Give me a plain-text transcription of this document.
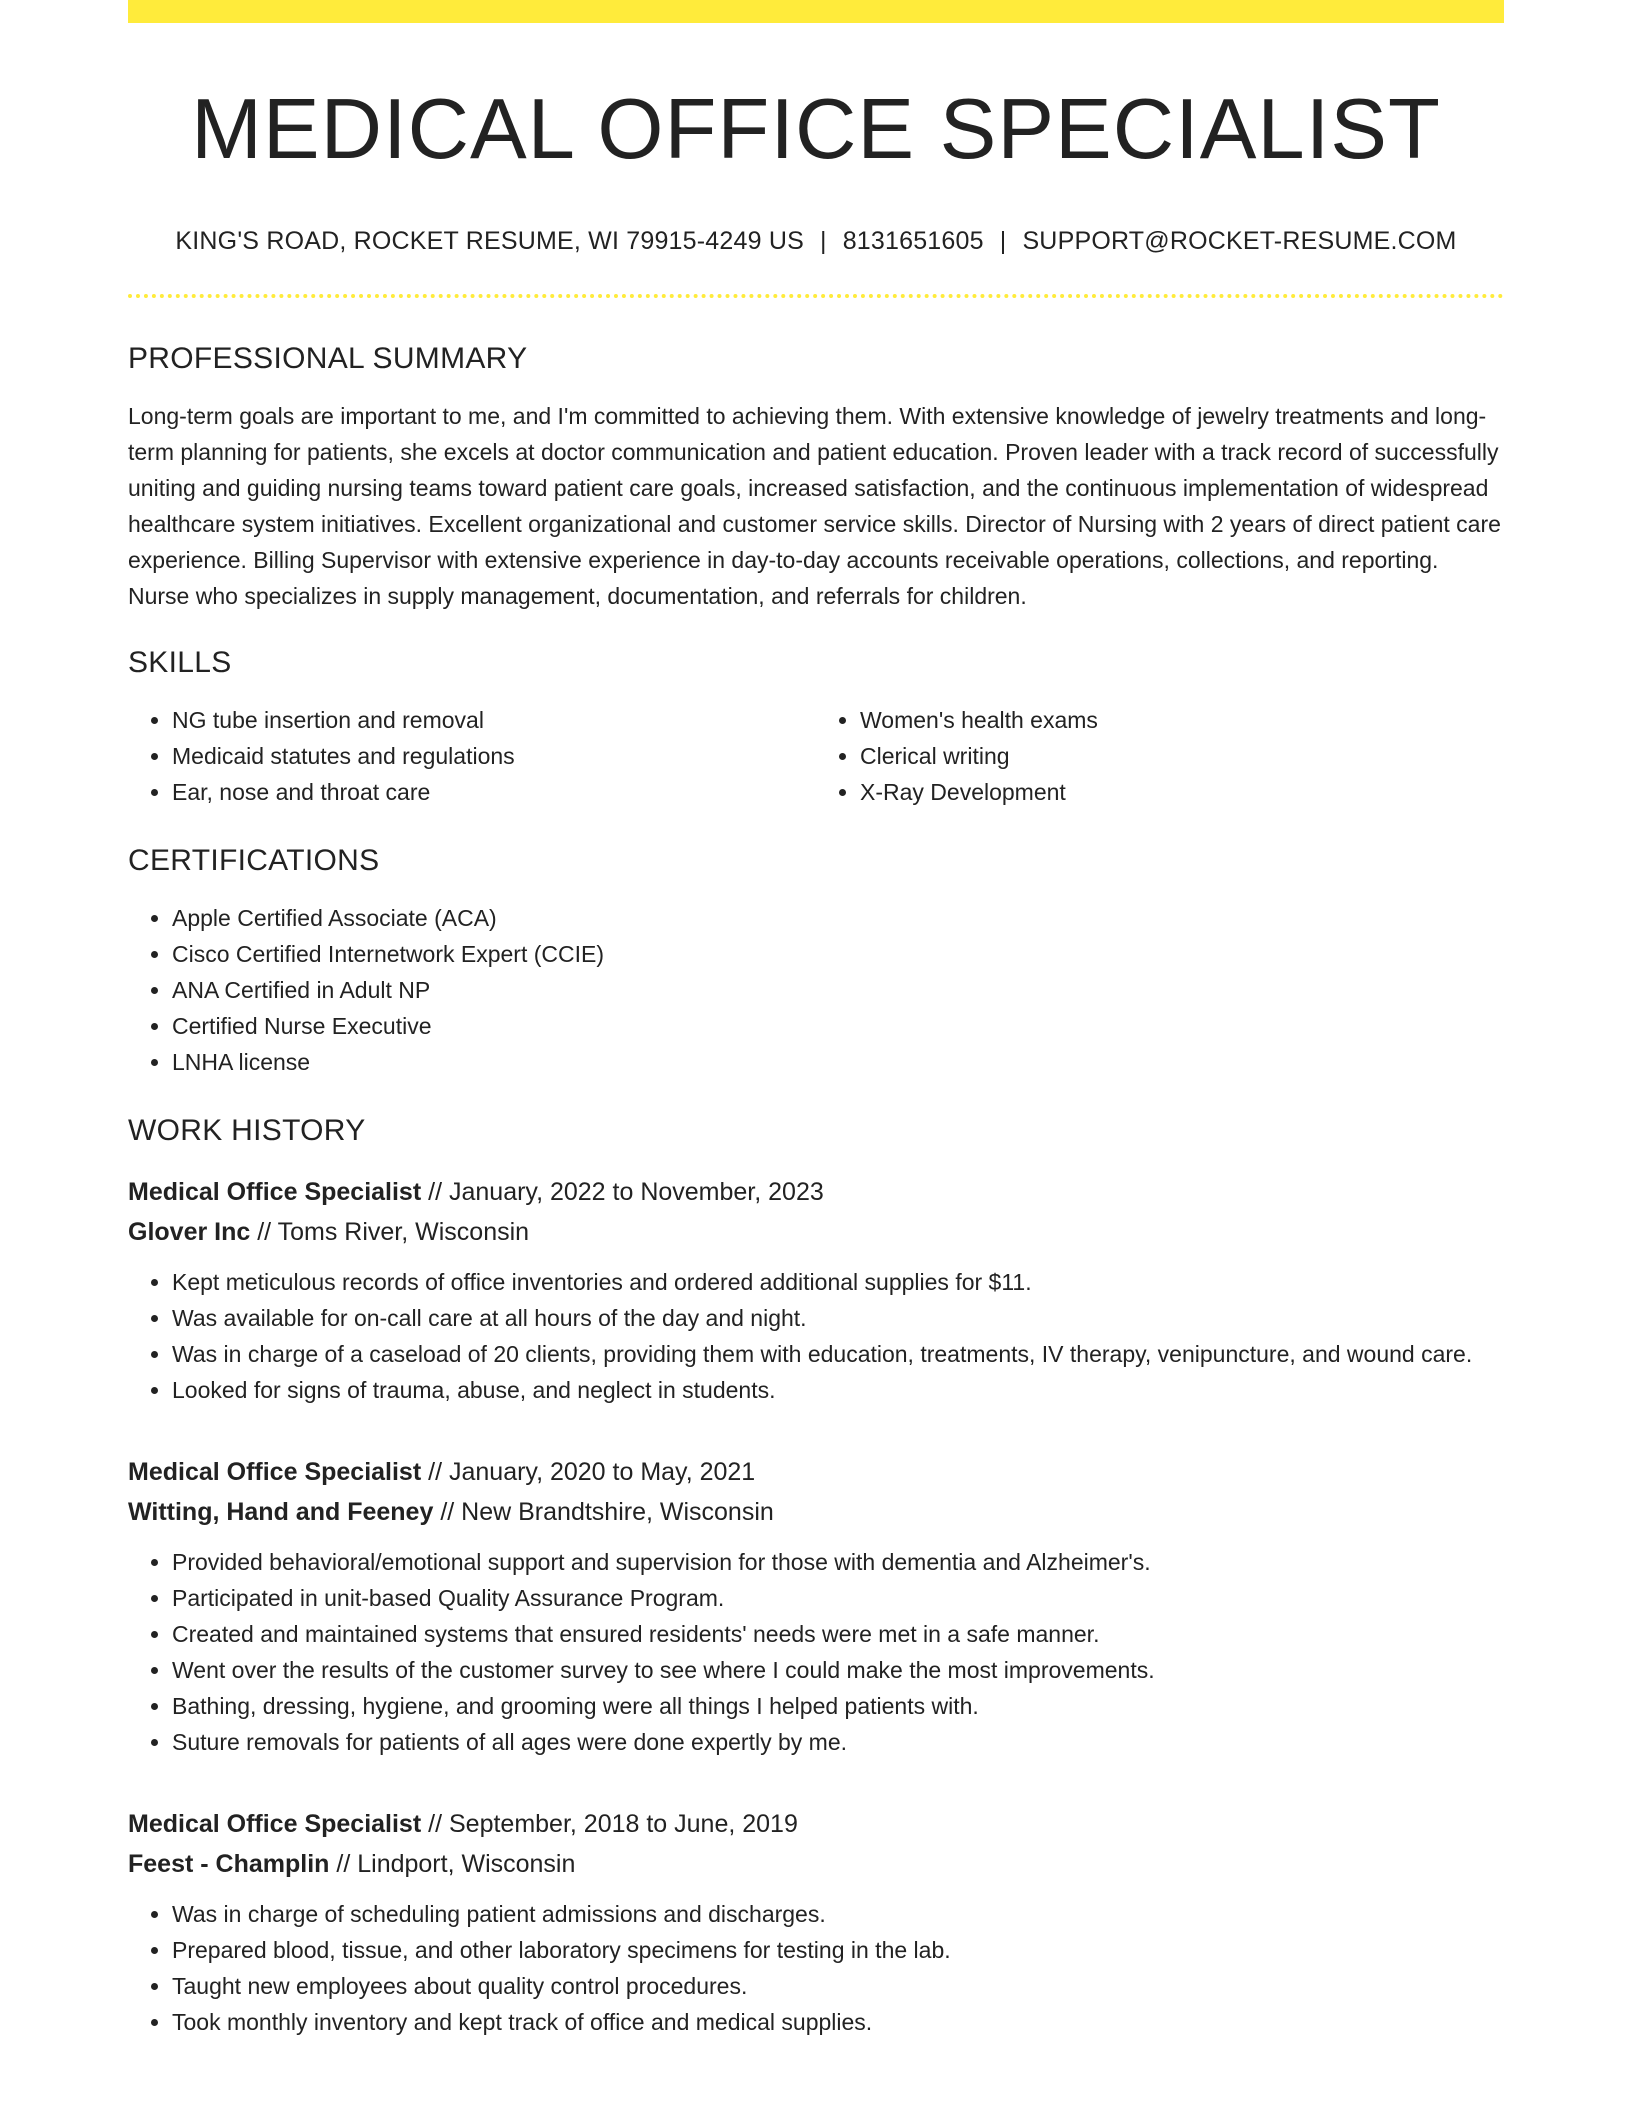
MEDICAL OFFICE SPECIALIST
KING'S ROAD, ROCKET RESUME, WI 79915-4249 US | 8131651605 | SUPPORT@ROCKET-RESUME.COM
PROFESSIONAL SUMMARY

Long-term goals are important to me, and I'm committed to achieving them. With extensive knowledge of jewelry treatments and long-term planning for patients, she excels at doctor communication and patient education. Proven leader with a track record of successfully uniting and guiding nursing teams toward patient care goals, increased satisfaction, and the continuous implementation of widespread healthcare system initiatives. Excellent organizational and customer service skills. Director of Nursing with 2 years of direct patient care experience. Billing Supervisor with extensive experience in day-to-day accounts receivable operations, collections, and reporting. Nurse who specializes in supply management, documentation, and referrals for children.

SKILLS
• NG tube insertion and removal
• Medicaid statutes and regulations
• Ear, nose and throat care
• Women's health exams
• Clerical writing
• X-Ray Development
CERTIFICATIONS
• Apple Certified Associate (ACA)
• Cisco Certified Internetwork Expert (CCIE)
• ANA Certified in Adult NP
• Certified Nurse Executive
• LNHA license
WORK HISTORY
Medical Office Specialist // January, 2022 to November, 2023
Glover Inc // Toms River, Wisconsin
• Kept meticulous records of office inventories and ordered additional supplies for $11.
• Was available for on-call care at all hours of the day and night.
• Was in charge of a caseload of 20 clients, providing them with education, treatments, IV therapy, venipuncture, and wound care.
• Looked for signs of trauma, abuse, and neglect in students.
Medical Office Specialist // January, 2020 to May, 2021
Witting, Hand and Feeney // New Brandtshire, Wisconsin
• Provided behavioral/emotional support and supervision for those with dementia and Alzheimer's.
• Participated in unit-based Quality Assurance Program.
• Created and maintained systems that ensured residents' needs were met in a safe manner.
• Went over the results of the customer survey to see where I could make the most improvements.
• Bathing, dressing, hygiene, and grooming were all things I helped patients with.
• Suture removals for patients of all ages were done expertly by me.
Medical Office Specialist // September, 2018 to June, 2019
Feest - Champlin // Lindport, Wisconsin
• Was in charge of scheduling patient admissions and discharges.
• Prepared blood, tissue, and other laboratory specimens for testing in the lab.
• Taught new employees about quality control procedures.
• Took monthly inventory and kept track of office and medical supplies.
